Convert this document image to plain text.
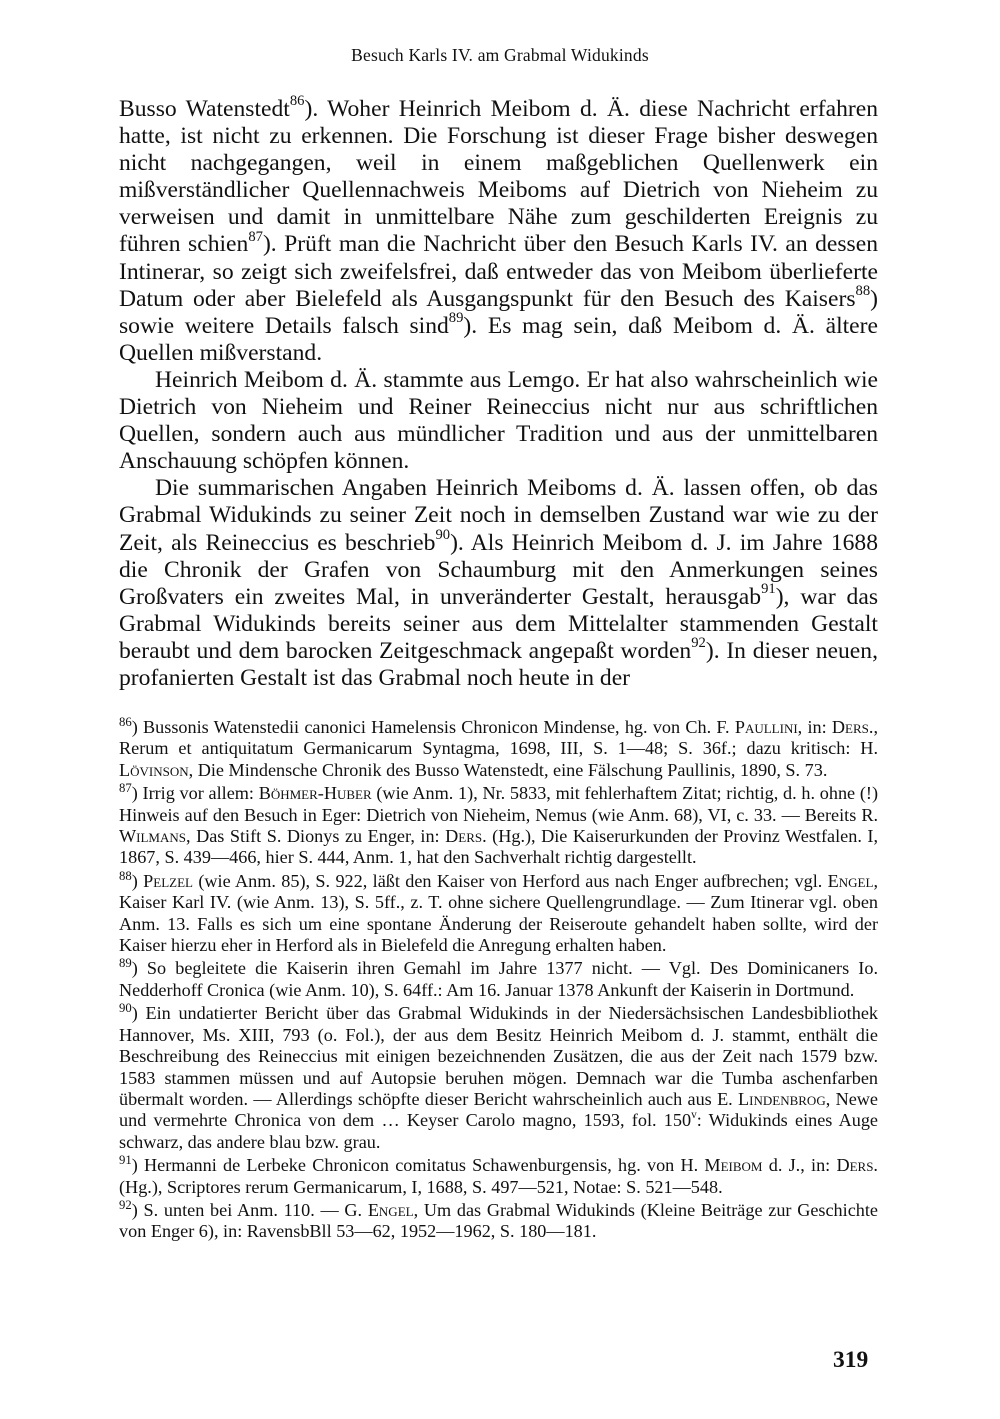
Besuch Karls IV. am Grabmal Widukinds

Busso Watenstedt$^{86}$). Woher Heinrich Meibom d. Ä. diese Nachricht erfahren hatte, ist nicht zu erkennen. Die Forschung ist dieser Frage bisher deswegen nicht nachgegangen, weil in einem maßgeblichen Quellenwerk ein mißverständlicher Quellennachweis Meiboms auf Dietrich von Nieheim zu verweisen und damit in unmittelbare Nähe zum geschilderten Ereignis zu führen schien$^{87}$). Prüft man die Nachricht über den Besuch Karls IV. an dessen Intinerar, so zeigt sich zweifelsfrei, daß entweder das von Meibom überlieferte Datum oder aber Bielefeld als Ausgangspunkt für den Besuch des Kaisers$^{88}$) sowie weitere Details falsch sind$^{89}$). Es mag sein, daß Meibom d. Ä. ältere Quellen mißverstand.

Heinrich Meibom d. Ä. stammte aus Lemgo. Er hat also wahrscheinlich wie Dietrich von Nieheim und Reiner Reineccius nicht nur aus schriftlichen Quellen, sondern auch aus mündlicher Tradition und aus der unmittelbaren Anschauung schöpfen können.

Die summarischen Angaben Heinrich Meiboms d. Ä. lassen offen, ob das Grabmal Widukinds zu seiner Zeit noch in demselben Zustand war wie zu der Zeit, als Reineccius es beschrieb$^{90}$). Als Heinrich Meibom d. J. im Jahre 1688 die Chronik der Grafen von Schaumburg mit den Anmerkungen seines Großvaters ein zweites Mal, in unveränderter Gestalt, herausgab$^{91}$), war das Grabmal Widukinds bereits seiner aus dem Mittelalter stammenden Gestalt beraubt und dem barocken Zeitgeschmack angepaßt worden$^{92}$). In dieser neuen, profanierten Gestalt ist das Grabmal noch heute in der

$^{86}$) Bussonis Watenstedii canonici Hamelensis Chronicon Mindense, hg. von Ch. F. Paullini, in: Ders., Rerum et antiquitatum Germanicarum Syntagma, 1698, III, S. 1—48; S. 36f.; dazu kritisch: H. Lövinson, Die Mindensche Chronik des Busso Watenstedt, eine Fälschung Paullinis, 1890, S. 73.

$^{87}$) Irrig vor allem: Böhmer-Huber (wie Anm. 1), Nr. 5833, mit fehlerhaftem Zitat; richtig, d. h. ohne (!) Hinweis auf den Besuch in Eger: Dietrich von Nieheim, Nemus (wie Anm. 68), VI, c. 33. — Bereits R. Wilmans, Das Stift S. Dionys zu Enger, in: Ders. (Hg.), Die Kaiserurkunden der Provinz Westfalen. I, 1867, S. 439—466, hier S. 444, Anm. 1, hat den Sachverhalt richtig dargestellt.

$^{88}$) Pelzel (wie Anm. 85), S. 922, läßt den Kaiser von Herford aus nach Enger aufbrechen; vgl. Engel, Kaiser Karl IV. (wie Anm. 13), S. 5ff., z. T. ohne sichere Quellengrundlage. — Zum Itinerar vgl. oben Anm. 13. Falls es sich um eine spontane Änderung der Reiseroute gehandelt haben sollte, wird der Kaiser hierzu eher in Herford als in Bielefeld die Anregung erhalten haben.

$^{89}$) So begleitete die Kaiserin ihren Gemahl im Jahre 1377 nicht. — Vgl. Des Dominicaners Io. Nedderhoff Cronica (wie Anm. 10), S. 64ff.: Am 16. Januar 1378 Ankunft der Kaiserin in Dortmund.

$^{90}$) Ein undatierter Bericht über das Grabmal Widukinds in der Niedersächsischen Landesbibliothek Hannover, Ms. XIII, 793 (o. Fol.), der aus dem Besitz Heinrich Meibom d. J. stammt, enthält die Beschreibung des Reineccius mit einigen bezeichnenden Zusätzen, die aus der Zeit nach 1579 bzw. 1583 stammen müssen und auf Autopsie beruhen mögen. Demnach war die Tumba aschenfarben übermalt worden. — Allerdings schöpfte dieser Bericht wahrscheinlich auch aus E. Lindenbrog, Newe und vermehrte Chronica von dem … Keyser Carolo magno, 1593, fol. 150$^v$: Widukinds eines Auge schwarz, das andere blau bzw. grau.

$^{91}$) Hermanni de Lerbeke Chronicon comitatus Schawenburgensis, hg. von H. Meibom d. J., in: Ders. (Hg.), Scriptores rerum Germanicarum, I, 1688, S. 497—521, Notae: S. 521—548.

$^{92}$) S. unten bei Anm. 110. — G. Engel, Um das Grabmal Widukinds (Kleine Beiträge zur Geschichte von Enger 6), in: RavensbBll 53—62, 1952—1962, S. 180—181.

319
